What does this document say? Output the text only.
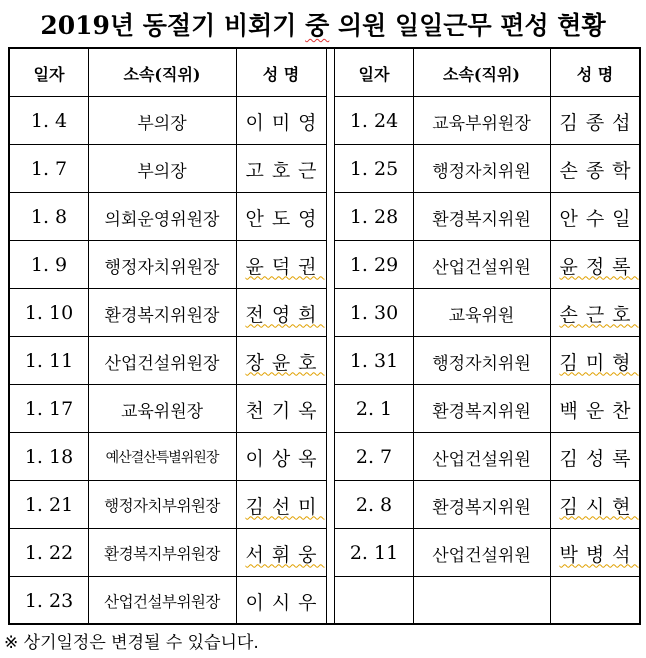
2019년 동절기 비회기 중 의원 일일근무 편성 현황
일자	소속(직위)	성 명
1. 4	부의장	이미영
1. 7	부의장	고호근
1. 8	의회운영위원장	안도영
1. 9	행정자치위원장	윤덕권
1. 10	환경복지위원장	전영희
1. 11	산업건설위원장	장윤호
1. 17	교육위원장	천기옥
1. 18	예산결산특별위원장	이상옥
1. 21	행정자치부위원장	김선미
1. 22	환경복지부위원장	서휘웅
1. 23	산업건설부위원장	이시우
일자	소속(직위)	성 명
1. 24	교육부위원장	김종섭
1. 25	행정자치위원	손종학
1. 28	환경복지위원	안수일
1. 29	산업건설위원	윤정록
1. 30	교육위원	손근호
1. 31	행정자치위원	김미형
2. 1	환경복지위원	백운찬
2. 7	산업건설위원	김성록
2. 8	환경복지위원	김시현
2. 11	산업건설위원	박병석
※ 상기일정은 변경될 수 있습니다.
